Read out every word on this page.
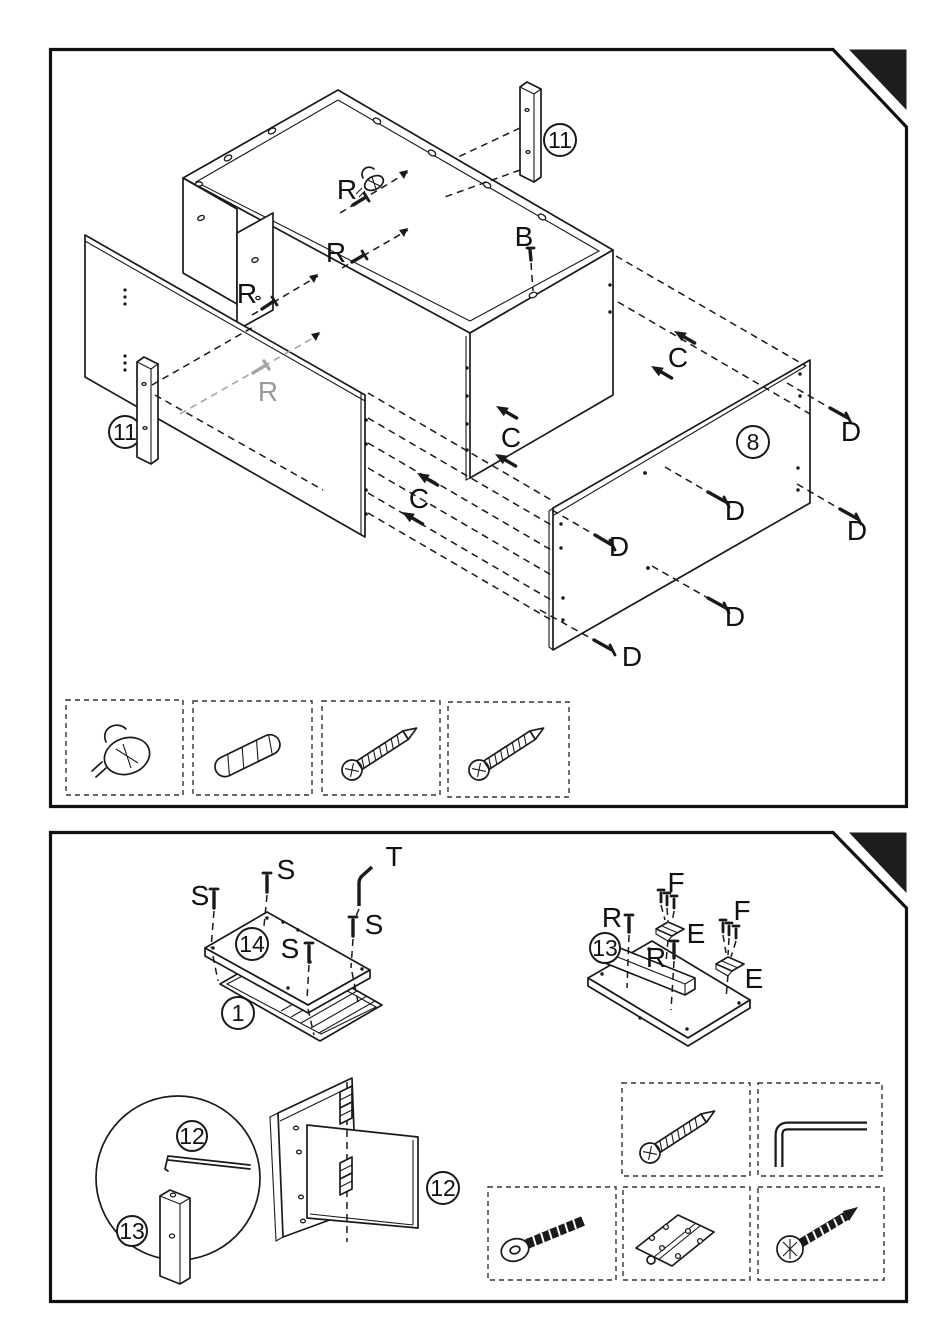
11
11	8
R
R
R
R
B
C
C
C
D
D
D
D
D
D
S
S
S
S
T
14
1
R
R
F
E
F
E
13
12
13
12
